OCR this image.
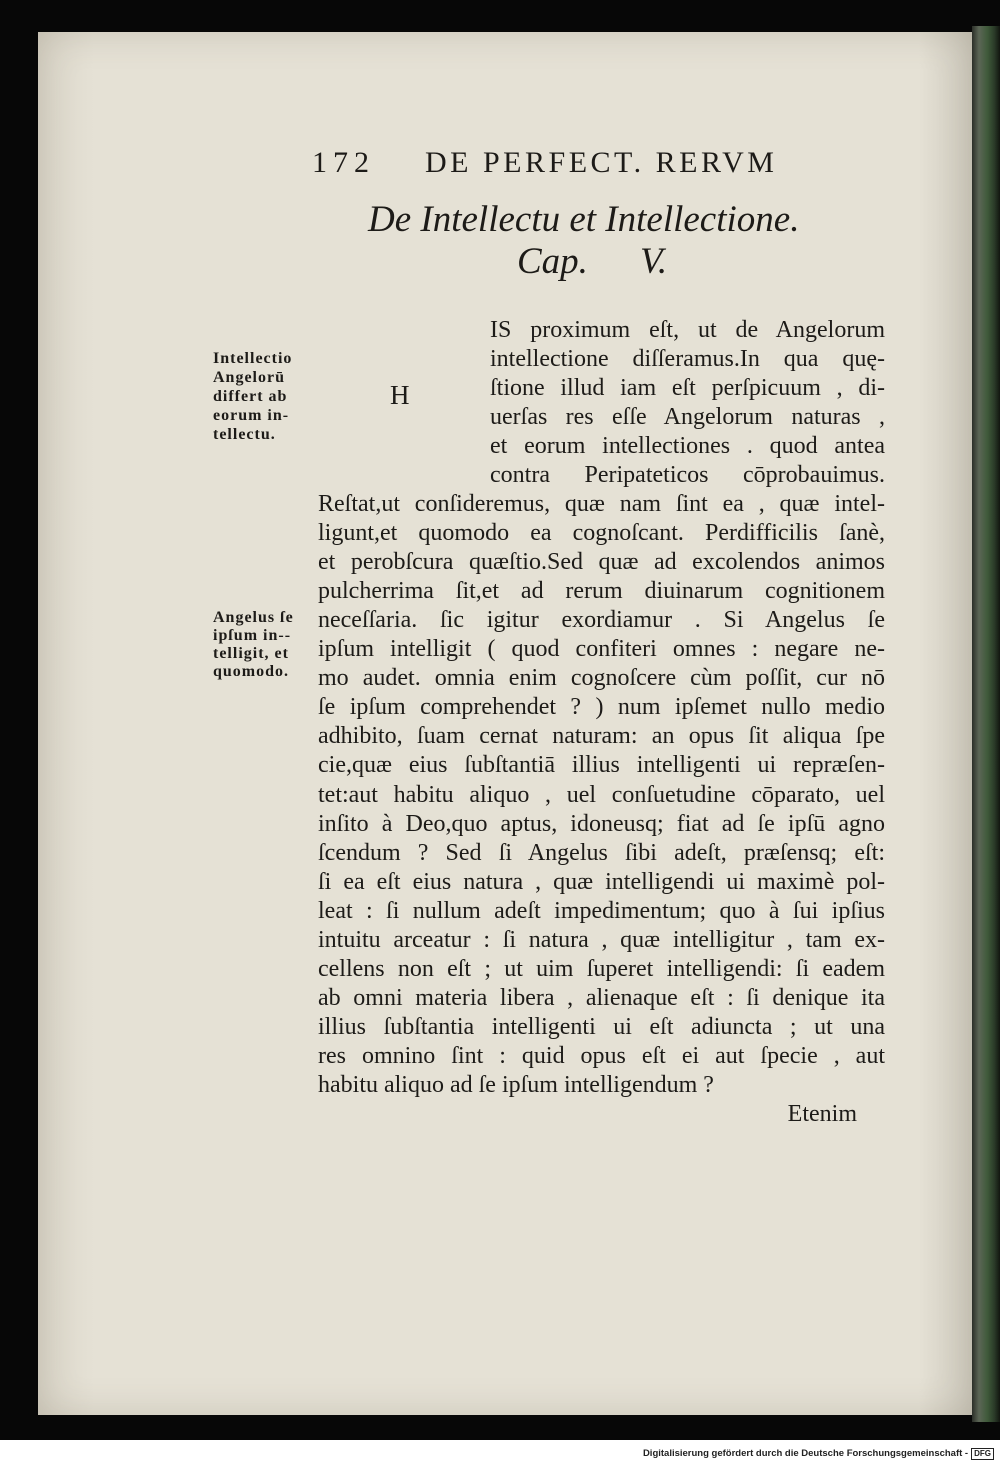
172 DE PERFECT. RERVM
De Intellectu et Intellectione.
Cap. V.
H
Intellectio
Angelorū
differt ab
eorum in-
tellectu.
Angelus ſe
ipſum in--
telligit, et
quomodo.
IS proximum eſt, ut de Angelorum
intellectione diſſeramus.In qua quę-
ſtione illud iam eſt perſpicuum , di-
uerſas res eſſe Angelorum naturas ,
et eorum intellectiones . quod antea
contra Peripateticos cōprobauimus.
Reſtat,ut conſideremus, quæ nam ſint ea , quæ intel-
ligunt,et quomodo ea cognoſcant. Perdifficilis ſanè,
et perobſcura quæſtio.Sed quæ ad excolendos animos
pulcherrima ſit,et ad rerum diuinarum cognitionem
neceſſaria. ſic igitur exordiamur . Si Angelus ſe
ipſum intelligit ( quod confiteri omnes : negare ne-
mo audet. omnia enim cognoſcere cùm poſſit, cur nō
ſe ipſum comprehendet ? ) num ipſemet nullo medio
adhibito, ſuam cernat naturam: an opus ſit aliqua ſpe
cie,quæ eius ſubſtantiā illius intelligenti ui repræſen-
tet:aut habitu aliquo , uel conſuetudine cōparato, uel
inſito à Deo,quo aptus, idoneusq; fiat ad ſe ipſū agno
ſcendum ? Sed ſi Angelus ſibi adeſt, præſensq; eſt:
ſi ea eſt eius natura , quæ intelligendi ui maximè pol-
leat : ſi nullum adeſt impedimentum; quo à ſui ipſius
intuitu arceatur : ſi natura , quæ intelligitur , tam ex-
cellens non eſt ; ut uim ſuperet intelligendi: ſi eadem
ab omni materia libera , alienaque eſt : ſi denique ita
illius ſubſtantia intelligenti ui eſt adiuncta ; ut una
res omnino ſint : quid opus eſt ei aut ſpecie , aut
habitu aliquo ad ſe ipſum intelligendum ?
Etenim
Digitalisierung gefördert durch die Deutsche Forschungsgemeinschaft - DFG
